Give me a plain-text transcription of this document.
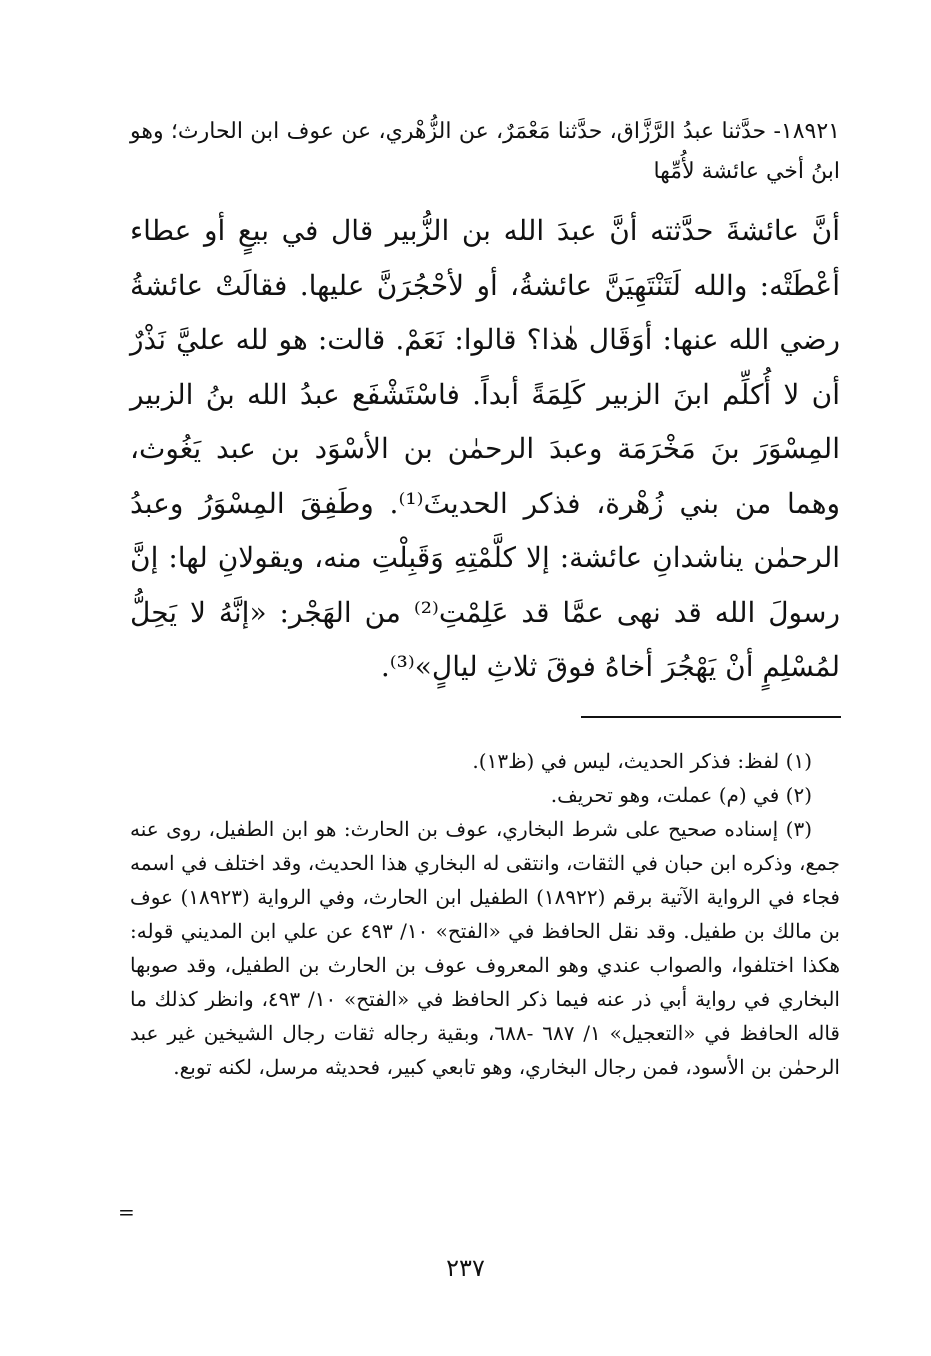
١٨٩٢١- حدَّثنا عبدُ الرَّزَّاق، حدَّثنا مَعْمَرٌ، عن الزُّهْري، عن عوف ابن الحارث؛ وهو ابنُ أخي عائشة لأُمِّها
أنَّ عائشةَ حدَّثته أنَّ عبدَ الله بن الزُّبير قال في بيعٍ أو عطاء أعْطَتْه: والله لَتَنْتَهِيَنَّ عائشةُ، أو لأحْجُرَنَّ عليها. فقالَتْ عائشةُ رضي الله عنها: أوَقَال هٰذا؟ قالوا: نَعَمْ. قالت: هو لله عليَّ نَذْرٌ أن لا أُكلِّم ابنَ الزبير كَلِمَةً أبداً. فاسْتَشْفَع عبدُ الله بنُ الزبير المِسْوَرَ بنَ مَخْرَمَة وعبدَ الرحمٰن بن الأسْوَد بن عبد يَغُوث، وهما من بني زُهْرة، فذكر الحديثَ⁽¹⁾. وطَفِقَ المِسْوَرُ وعبدُ الرحمٰن يناشدانِ عائشة: إلا كلَّمْتِهِ وَقَبِلْتِ منه، ويقولانِ لها: إنَّ رسولَ الله قد نهى عمَّا قد عَلِمْتِ⁽²⁾ من الهَجْر: «إنَّهُ لا يَحِلُّ لمُسْلِمٍ أنْ يَهْجُرَ أخاهُ فوقَ ثلاثِ ليالٍ»⁽³⁾.

(١) لفظ: فذكر الحديث، ليس في (ظ١٣).

(٢) في (م) عملت، وهو تحريف.

(٣) إسناده صحيح على شرط البخاري، عوف بن الحارث: هو ابن الطفيل، روى عنه جمع، وذكره ابن حبان في الثقات، وانتقى له البخاري هذا الحديث، وقد اختلف في اسمه فجاء في الرواية الآتية برقم (١٨٩٢٢) الطفيل ابن الحارث، وفي الرواية (١٨٩٢٣) عوف بن مالك بن طفيل. وقد نقل الحافظ في «الفتح» ١٠/ ٤٩٣ عن علي ابن المديني قوله: هكذا اختلفوا، والصواب عندي وهو المعروف عوف بن الحارث بن الطفيل، وقد صوبها البخاري في رواية أبي ذر عنه فيما ذكر الحافظ في «الفتح» ١٠/ ٤٩٣، وانظر كذلك ما قاله الحافظ في «التعجيل» ١/ ٦٨٧ -٦٨٨، وبقية رجاله ثقات رجال الشيخين غير عبد الرحمٰن بن الأسود، فمن رجال البخاري، وهو تابعي كبير، فحديثه مرسل، لكنه توبع.

=
٢٣٧
